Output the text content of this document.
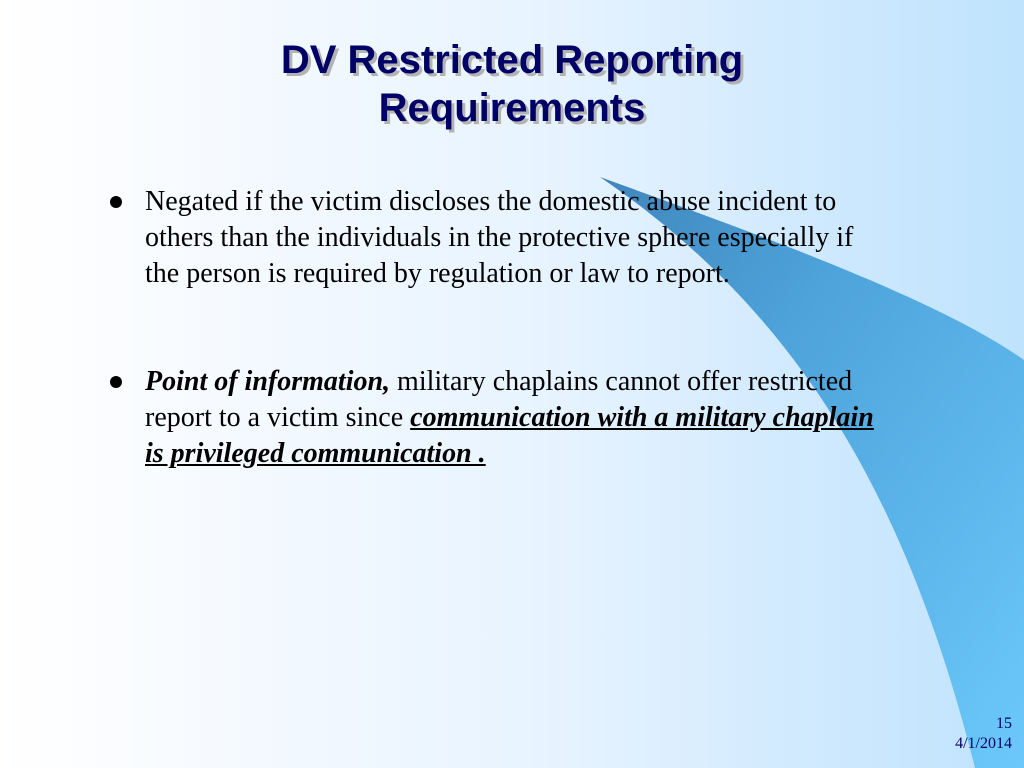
DV Restricted Reporting
Requirements
Negated if the victim discloses the domestic abuse incident to others than the individuals in the protective sphere especially if the person is required by regulation or law to report.
Point of information, military chaplains cannot offer restricted report to a victim since communication with a military chaplain is privileged communication .
15
4/1/2014
